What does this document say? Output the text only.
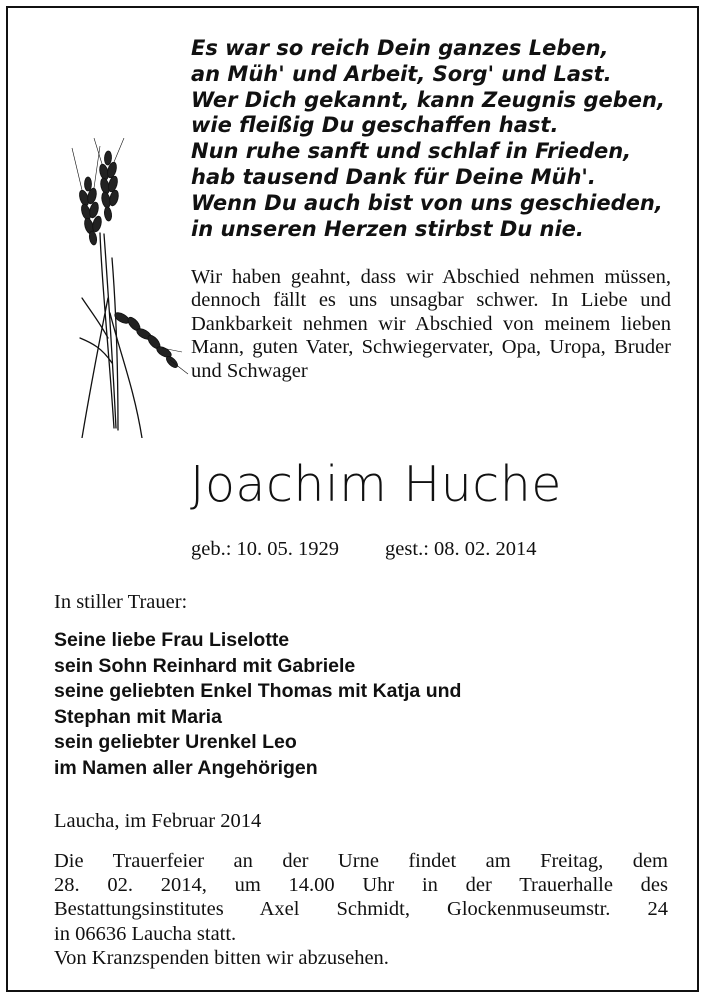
Es war so reich Dein ganzes Leben,
an Müh' und Arbeit, Sorg' und Last.
Wer Dich gekannt, kann Zeugnis geben,
wie fleißig Du geschaffen hast.
Nun ruhe sanft und schlaf in Frieden,
hab tausend Dank für Deine Müh'.
Wenn Du auch bist von uns geschieden,
in unseren Herzen stirbst Du nie.

Wir haben geahnt, dass wir Abschied nehmen müssen, dennoch fällt es uns unsagbar schwer. In Liebe und Dankbarkeit nehmen wir Abschied von meinem lieben Mann, guten Vater, Schwiegervater, Opa, Uropa, Bruder und Schwager

Joachim Huche
geb.: 10. 05. 1929 gest.: 08. 02. 2014
In stiller Trauer:
Seine liebe Frau Liselotte
sein Sohn Reinhard mit Gabriele
seine geliebten Enkel Thomas mit Katja und
Stephan mit Maria
sein geliebter Urenkel Leo
im Namen aller Angehörigen
Laucha, im Februar 2014
Die Trauerfeier an der Urne findet am Freitag, dem
28. 02. 2014, um 14.00 Uhr in der Trauerhalle des
Bestattungsinstitutes Axel Schmidt, Glockenmuseumstr. 24
in 06636 Laucha statt.
Von Kranzspenden bitten wir abzusehen.
